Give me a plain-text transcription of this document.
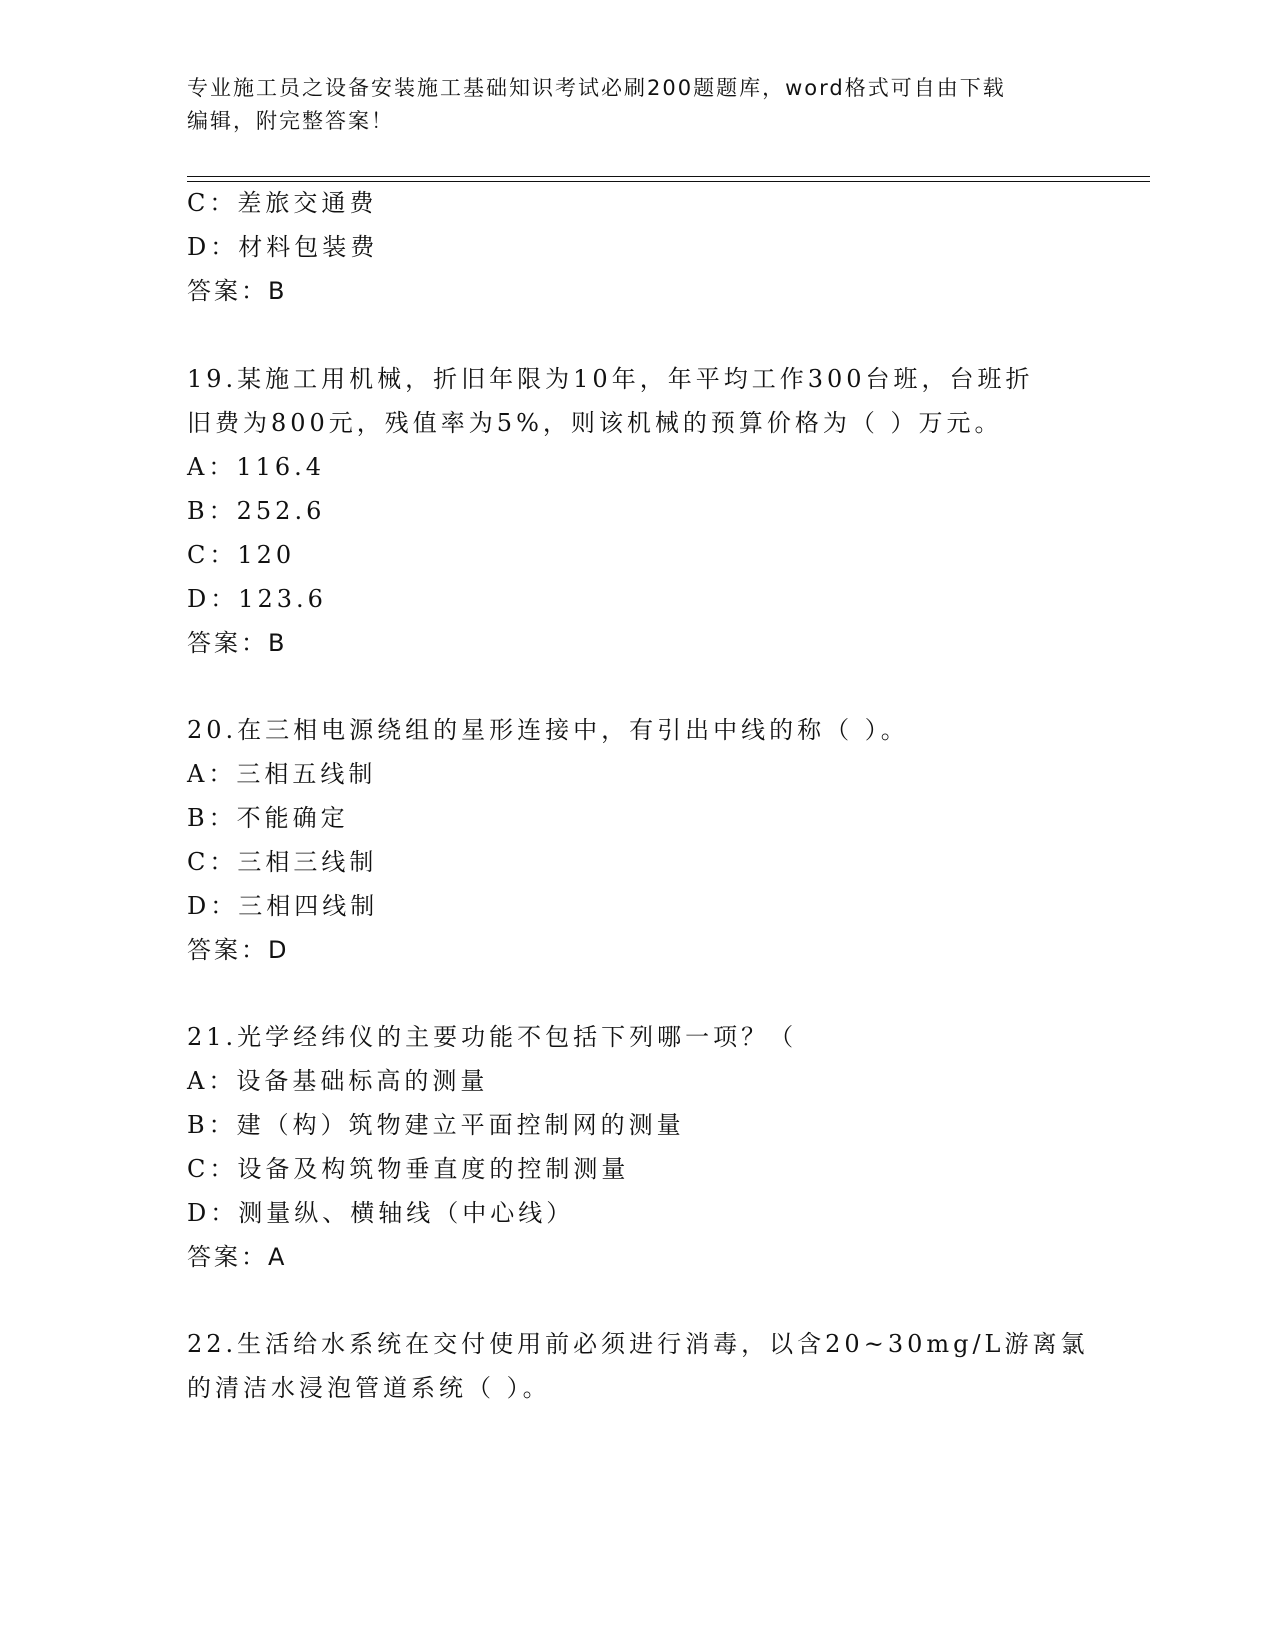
专业施工员之设备安装施工基础知识考试必刷200题题库，word格式可自由下载
编辑，附完整答案！
C：差旅交通费
D：材料包装费
答案：B
19.某施工用机械，折旧年限为10年，年平均工作300台班，台班折
旧费为800元，残值率为5%，则该机械的预算价格为（ ）万元。
A：116.4
B：252.6
C：120
D：123.6
答案：B
20.在三相电源绕组的星形连接中，有引出中线的称（ ）。
A：三相五线制
B：不能确定
C：三相三线制
D：三相四线制
答案：D
21.光学经纬仪的主要功能不包括下列哪一项？（
A：设备基础标高的测量
B：建（构）筑物建立平面控制网的测量
C：设备及构筑物垂直度的控制测量
D：测量纵、横轴线（中心线）
答案：A
22.生活给水系统在交付使用前必须进行消毒，以含20~30mg/L游离氯
的清洁水浸泡管道系统（ ）。
